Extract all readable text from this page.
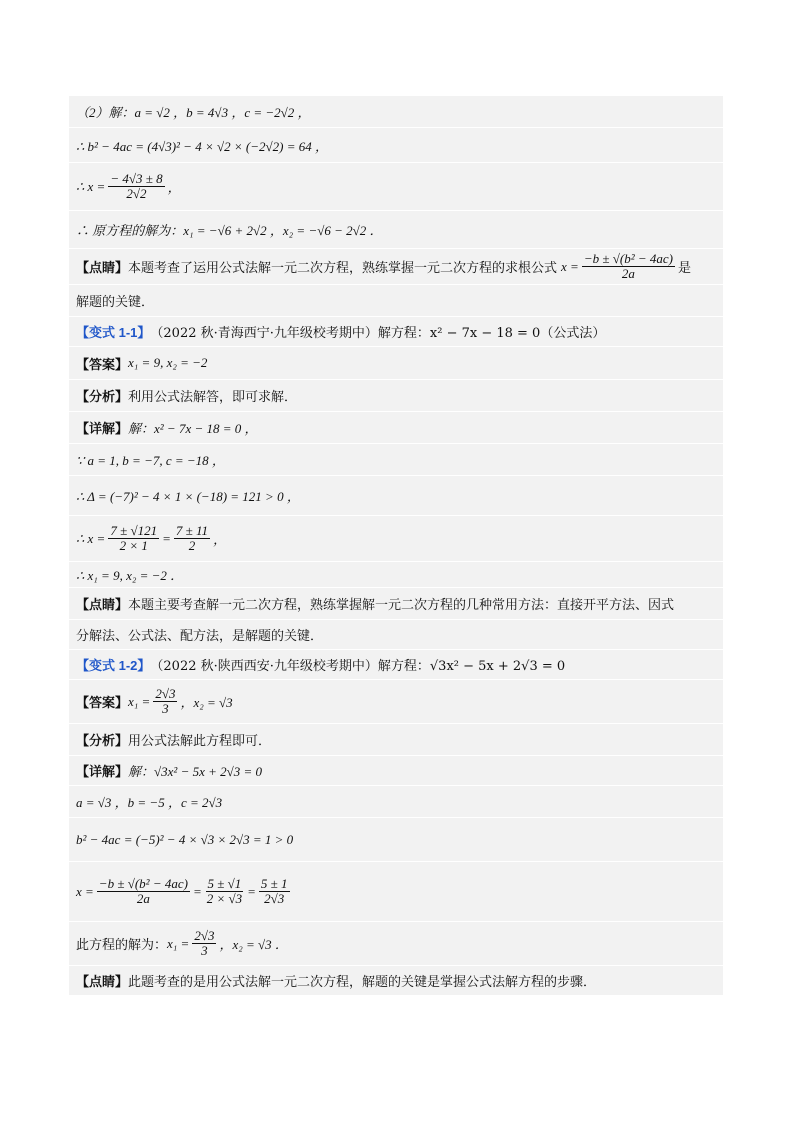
（2）解：a = √2 ，b = 4√3 ，c = −2√2 ，
∴ b² − 4ac = (4√3)² − 4 × √2 × (−2√2) = 64 ，
∴ $x = \frac{- 4√3 \pm 8}{2√2}$ ，
∴ 原方程的解为：x₁ = −√6 + 2√2 ，x₂ = −√6 − 2√2 ．
【点睛】 本题考查了运用公式法解一元二次方程，熟练掌握一元二次方程的求根公式 $x = \frac{\text{−b ± √(b² − 4ac)}}{2a}$ 是
解题的关键．
【变式 1-1】 （2022 秋·青海西宁·九年级校考期中）解方程：x² − 7x − 18 = 0（公式法）
【答案】 x₁ = 9, x₂ = −2
【分析】 利用公式法解答，即可求解．
【详解】 解：x² − 7x − 18 = 0 ，
∵ a = 1, b = −7, c = −18 ，
∴ Δ = (−7)² − 4 × 1 × (−18) = 121 > 0 ，
∴ $x = \frac{7 \pm √121}{2 \times 1} = \frac{7 \pm 11}{2}$ ，
∴ x₁ = 9, x₂ = −2 ．
【点睛】 本题主要考查解一元二次方程，熟练掌握解一元二次方程的几种常用方法：直接开平方法、因式
分解法、公式法、配方法，是解题的关键．
【变式 1-2】 （2022 秋·陕西西安·九年级校考期中）解方程：√3x² − 5x + 2√3 = 0
【答案】 $x_1 = \frac{2√3}{3}$ ，x₂ = √3
【分析】 用公式法解此方程即可．
【详解】 解：√3x² − 5x + 2√3 = 0
a = √3 ，b = −5 ，c = 2√3
b² − 4ac = (−5)² − 4 × √3 × 2√3 = 1 > 0
$x = \frac{\text{−b ± √(b² − 4ac)}}{2a} = \frac{5 \pm √1}{2 \times √3} = \frac{5 \pm 1}{2√3}$
此方程的解为： $x_1 = \frac{2√3}{3}$ ，x₂ = √3 ．
【点睛】 此题考查的是用公式法解一元二次方程，解题的关键是掌握公式法解方程的步骤．
